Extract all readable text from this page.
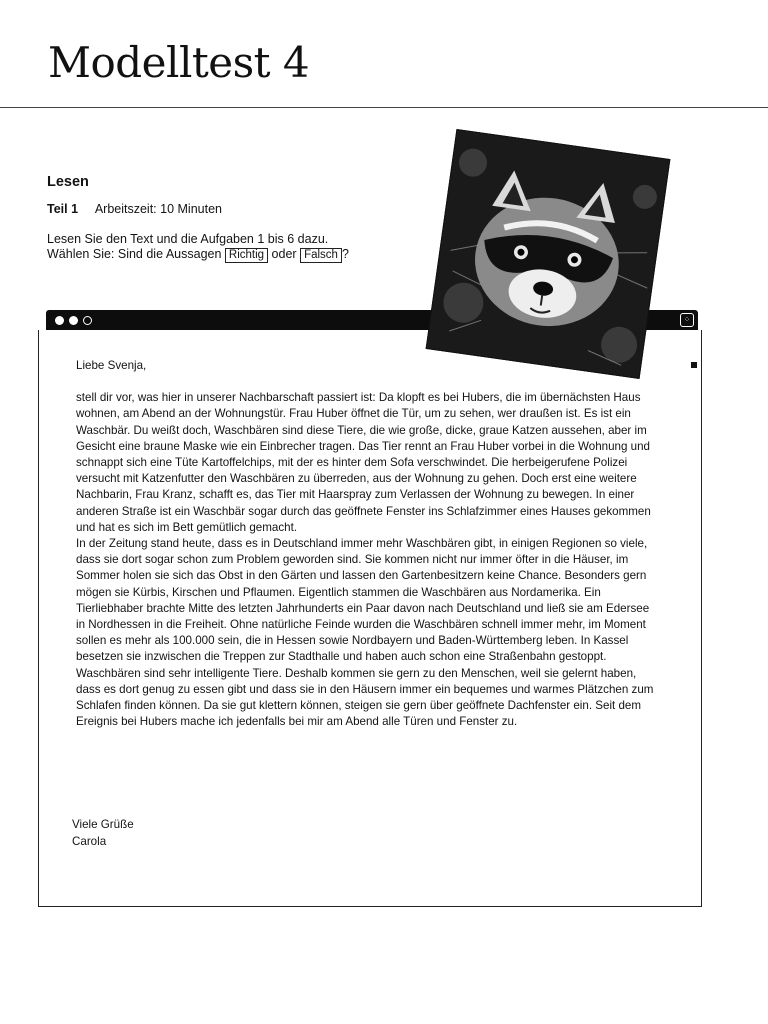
Modelltest 4
Lesen
Teil 1 Arbeitszeit: 10 Minuten
Lesen Sie den Text und die Aufgaben 1 bis 6 dazu.
Wählen Sie: Sind die Aussagen Richtig oder Falsch ?
⁘

Liebe Svenja,

stell dir vor, was hier in unserer Nachbarschaft passiert ist: Da klopft es bei Hubers, die im übernächsten Haus wohnen, am Abend an der Wohnungstür. Frau Huber öffnet die Tür, um zu sehen, wer draußen ist. Es ist ein Waschbär. Du weißt doch, Waschbären sind diese Tiere, die wie große, dicke, graue Katzen aussehen, aber im Gesicht eine braune Maske wie ein Einbrecher tragen. Das Tier rennt an Frau Huber vorbei in die Wohnung und schnappt sich eine Tüte Kartoffelchips, mit der es hinter dem Sofa verschwindet. Die herbeigerufene Polizei versucht mit Katzenfutter den Waschbären zu überreden, aus der Wohnung zu gehen. Doch erst eine weitere Nachbarin, Frau Kranz, schafft es, das Tier mit Haarspray zum Verlassen der Wohnung zu bewegen. In einer anderen Straße ist ein Waschbär sogar durch das geöffnete Fenster ins Schlafzimmer eines Hauses gekommen und hat es sich im Bett gemütlich gemacht.

In der Zeitung stand heute, dass es in Deutschland immer mehr Waschbären gibt, in einigen Regionen so viele, dass sie dort sogar schon zum Problem geworden sind. Sie kommen nicht nur immer öfter in die Häuser, im Sommer holen sie sich das Obst in den Gärten und lassen den Gartenbesitzern keine Chance. Besonders gern mögen sie Kürbis, Kirschen und Pflaumen. Eigentlich stammen die Waschbären aus Nordamerika. Ein Tierliebhaber brachte Mitte des letzten Jahrhunderts ein Paar davon nach Deutschland und ließ sie am Edersee in Nordhessen in die Freiheit. Ohne natürliche Feinde wurden die Waschbären schnell immer mehr, im Moment sollen es mehr als 100.000 sein, die in Hessen sowie Nordbayern und Baden-Württemberg leben. In Kassel besetzen sie inzwischen die Treppen zur Stadthalle und haben auch schon eine Straßenbahn gestoppt. Waschbären sind sehr intelligente Tiere. Deshalb kommen sie gern zu den Menschen, weil sie gelernt haben, dass es dort genug zu essen gibt und dass sie in den Häusern immer ein bequemes und warmes Plätzchen zum Schlafen finden können. Da sie gut klettern können, steigen sie gern über geöffnete Dachfenster ein. Seit dem Ereignis bei Hubers mache ich jedenfalls bei mir am Abend alle Türen und Fenster zu.

Viele Grüße
Carola
